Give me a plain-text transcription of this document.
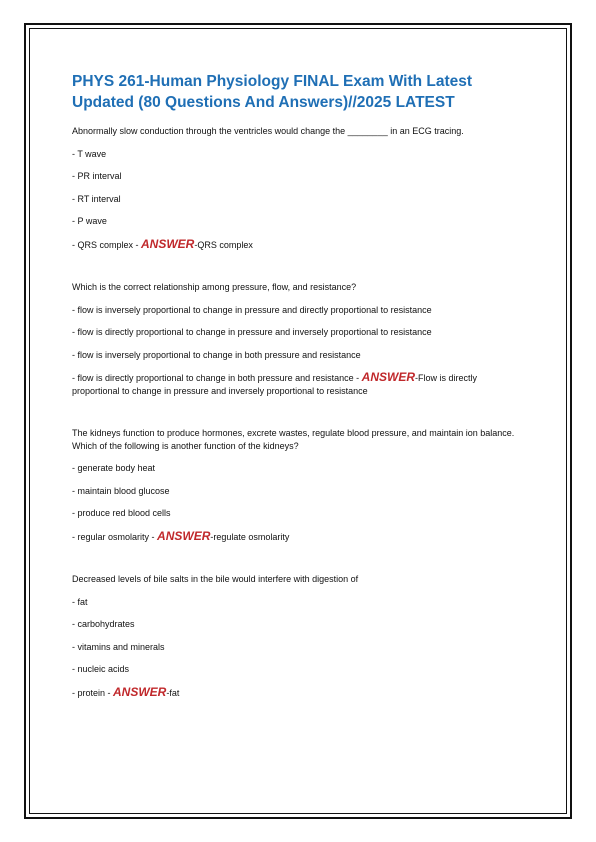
PHYS 261-Human Physiology FINAL Exam With Latest Updated (80 Questions And Answers)//2025 LATEST

Abnormally slow conduction through the ventricles would change the ________ in an ECG tracing.

- T wave

- PR interval

- RT interval

- P wave

- QRS complex - ANSWER-QRS complex

Which is the correct relationship among pressure, flow, and resistance?

- flow is inversely proportional to change in pressure and directly proportional to resistance

- flow is directly proportional to change in pressure and inversely proportional to resistance

- flow is inversely proportional to change in both pressure and resistance

- flow is directly proportional to change in both pressure and resistance - ANSWER-Flow is directly proportional to change in pressure and inversely proportional to resistance

The kidneys function to produce hormones, excrete wastes, regulate blood pressure, and maintain ion balance. Which of the following is another function of the kidneys?

- generate body heat

- maintain blood glucose

- produce red blood cells

- regular osmolarity - ANSWER-regulate osmolarity

Decreased levels of bile salts in the bile would interfere with digestion of

- fat

- carbohydrates

- vitamins and minerals

- nucleic acids

- protein - ANSWER-fat
